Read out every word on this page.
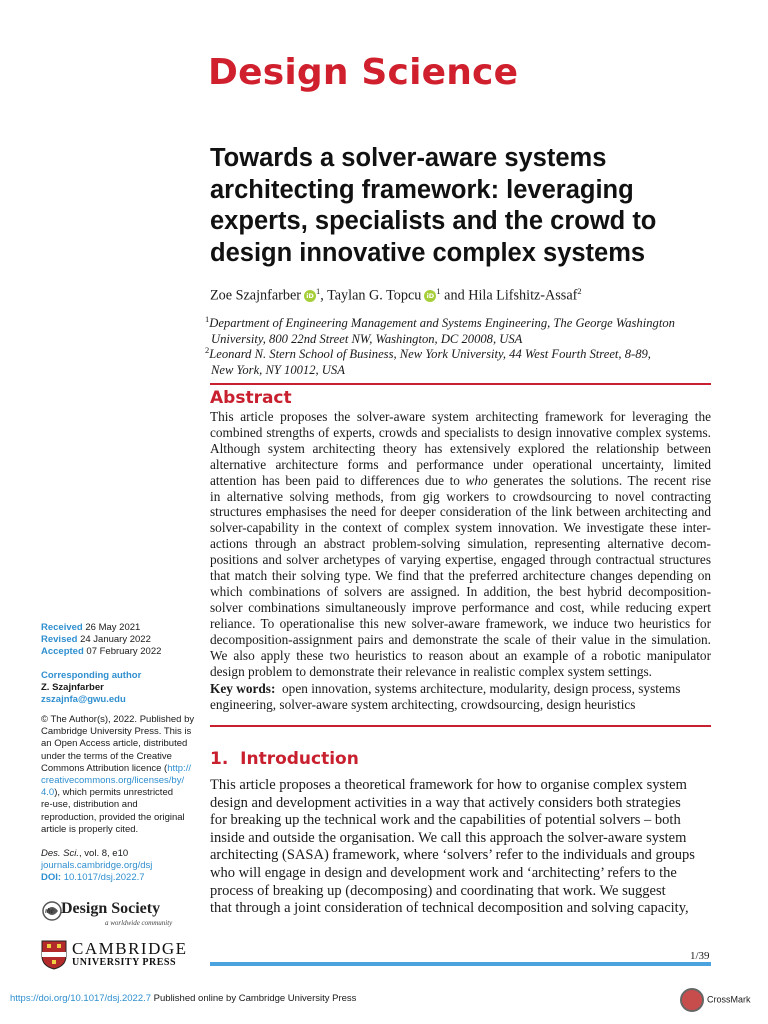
Design Science
Towards a solver-aware systems
architecting framework: leveraging
experts, specialists and the crowd to
design innovative complex systems
Zoe Szajnfarber iD $^1$, Taylan G. Topcu iD $^1$ and Hila Lifshitz-Assaf$^2$
$^1$Department of Engineering Management and Systems Engineering, The George Washington
University, 800 22nd Street NW, Washington, DC 20008, USA
$^2$Leonard N. Stern School of Business, New York University, 44 West Fourth Street, 8-89,
New York, NY 10012, USA
Abstract
This article proposes the solver-aware system architecting framework for leveraging the
combined strengths of experts, crowds and specialists to design innovative complex systems.
Although system architecting theory has extensively explored the relationship between
alternative architecture forms and performance under operational uncertainty, limited
attention has been paid to differences due to who generates the solutions. The recent rise
in alternative solving methods, from gig workers to crowdsourcing to novel contracting
structures emphasises the need for deeper consideration of the link between architecting and
solver-capability in the context of complex system innovation. We investigate these inter-
actions through an abstract problem-solving simulation, representing alternative decom-
positions and solver archetypes of varying expertise, engaged through contractual structures
that match their solving type. We find that the preferred architecture changes depending on
which combinations of solvers are assigned. In addition, the best hybrid decomposition-
solver combinations simultaneously improve performance and cost, while reducing expert
reliance. To operationalise this new solver-aware framework, we induce two heuristics for
decomposition-assignment pairs and demonstrate the scale of their value in the simulation.
We also apply these two heuristics to reason about an example of a robotic manipulator
design problem to demonstrate their relevance in realistic complex system settings.
Key words: open innovation, systems architecture, modularity, design process, systems engineering, solver-aware system architecting, crowdsourcing, design heuristics
1. Introduction
This article proposes a theoretical framework for how to organise complex system
design and development activities in a way that actively considers both strategies
for breaking up the technical work and the capabilities of potential solvers – both
inside and outside the organisation. We call this approach the solver-aware system
architecting (SASA) framework, where ‘solvers’ refer to the individuals and groups
who will engage in design and development work and ‘architecting’ refers to the
process of breaking up (decomposing) and coordinating that work. We suggest
that through a joint consideration of technical decomposition and solving capacity,
Received 26 May 2021
Revised 24 January 2022
Accepted 07 February 2022
Corresponding author
Z. Szajnfarber
zszajnfa@gwu.edu
© The Author(s), 2022. Published by
Cambridge University Press. This is
an Open Access article, distributed
under the terms of the Creative
Commons Attribution licence (http://
creativecommons.org/licenses/by/
4.0), which permits unrestricted
re-use, distribution and
reproduction, provided the original
article is properly cited.
Des. Sci., vol. 8, e10
journals.cambridge.org/dsj
DOI: 10.1017/dsj.2022.7
the Design Society
a worldwide community
CAMBRIDGE
UNIVERSITY PRESS
1/39
https://doi.org/10.1017/dsj.2022.7 Published online by Cambridge University Press	CrossMark
